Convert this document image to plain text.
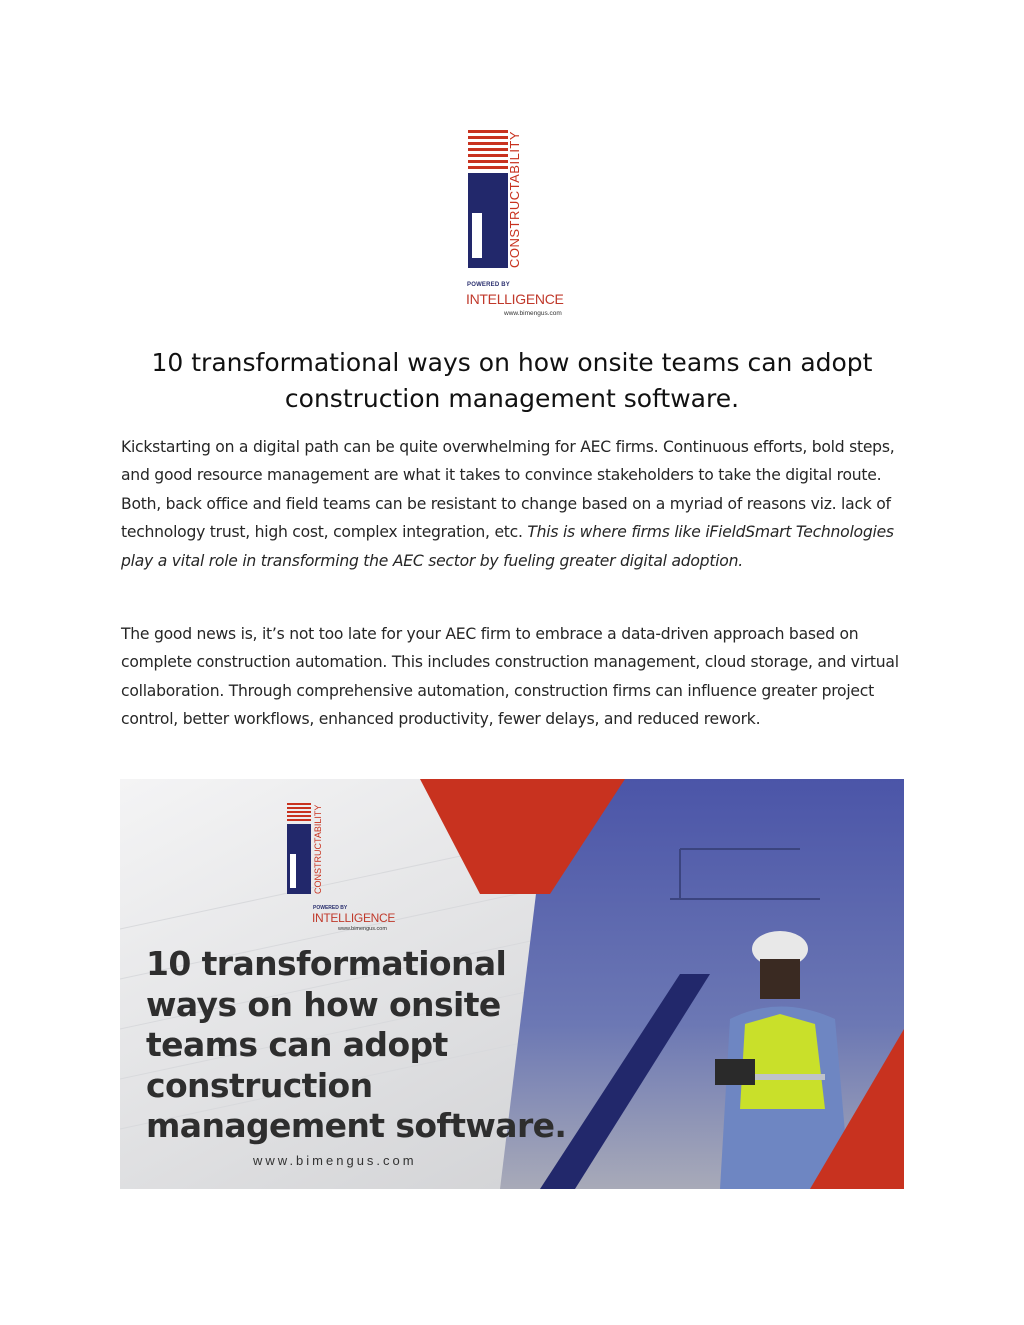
CONSTRUCTABILITY
POWERED BY
INTELLIGENCE
www.bimengus.com
10 transformational ways on how onsite teams can adopt construction management software.

Kickstarting on a digital path can be quite overwhelming for AEC firms. Continuous efforts, bold steps, and good resource management are what it takes to convince stakeholders to take the digital route. Both, back office and field teams can be resistant to change based on a myriad of reasons viz. lack of technology trust, high cost, complex integration, etc. This is where firms like iFieldSmart Technologies play a vital role in transforming the AEC sector by fueling greater digital adoption.

The good news is, it’s not too late for your AEC firm to embrace a data-driven approach based on complete construction automation. This includes construction management, cloud storage, and virtual collaboration. Through comprehensive automation, construction firms can influence greater project control, better workflows, enhanced productivity, fewer delays, and reduced rework.

CONSTRUCTABILITY
POWERED BY
INTELLIGENCE
www.bimengus.com
10 transformational ways on how onsite teams can adopt construction management software.
www.bimengus.com
